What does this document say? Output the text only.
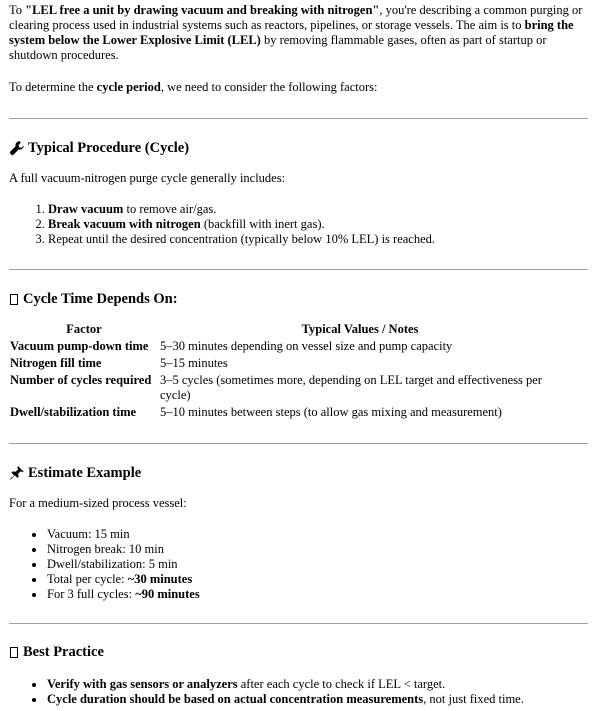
To "LEL free a unit by drawing vacuum and breaking with nitrogen", you're describing a common purging or clearing process used in industrial systems such as reactors, pipelines, or storage vessels. The aim is to bring the system below the Lower Explosive Limit (LEL) by removing flammable gases, often as part of startup or shutdown procedures.

To determine the cycle period, we need to consider the following factors:

Typical Procedure (Cycle)

A full vacuum-nitrogen purge cycle generally includes:

1. Draw vacuum to remove air/gas.
2. Break vacuum with nitrogen (backfill with inert gas).
3. Repeat until the desired concentration (typically below 10% LEL) is reached.
Cycle Time Depends On:
Factor	Typical Values / Notes
Vacuum pump-down time	5–30 minutes depending on vessel size and pump capacity
Nitrogen fill time	5–15 minutes
Number of cycles required	3–5 cycles (sometimes more, depending on LEL target and effectiveness per cycle)
Dwell/stabilization time	5–10 minutes between steps (to allow gas mixing and measurement)
Estimate Example

For a medium-sized process vessel:

Vacuum: 15 min
Nitrogen break: 10 min
Dwell/stabilization: 5 min
Total per cycle: ~30 minutes
For 3 full cycles: ~90 minutes
Best Practice
Verify with gas sensors or analyzers after each cycle to check if LEL < target.
Cycle duration should be based on actual concentration measurements, not just fixed time.
